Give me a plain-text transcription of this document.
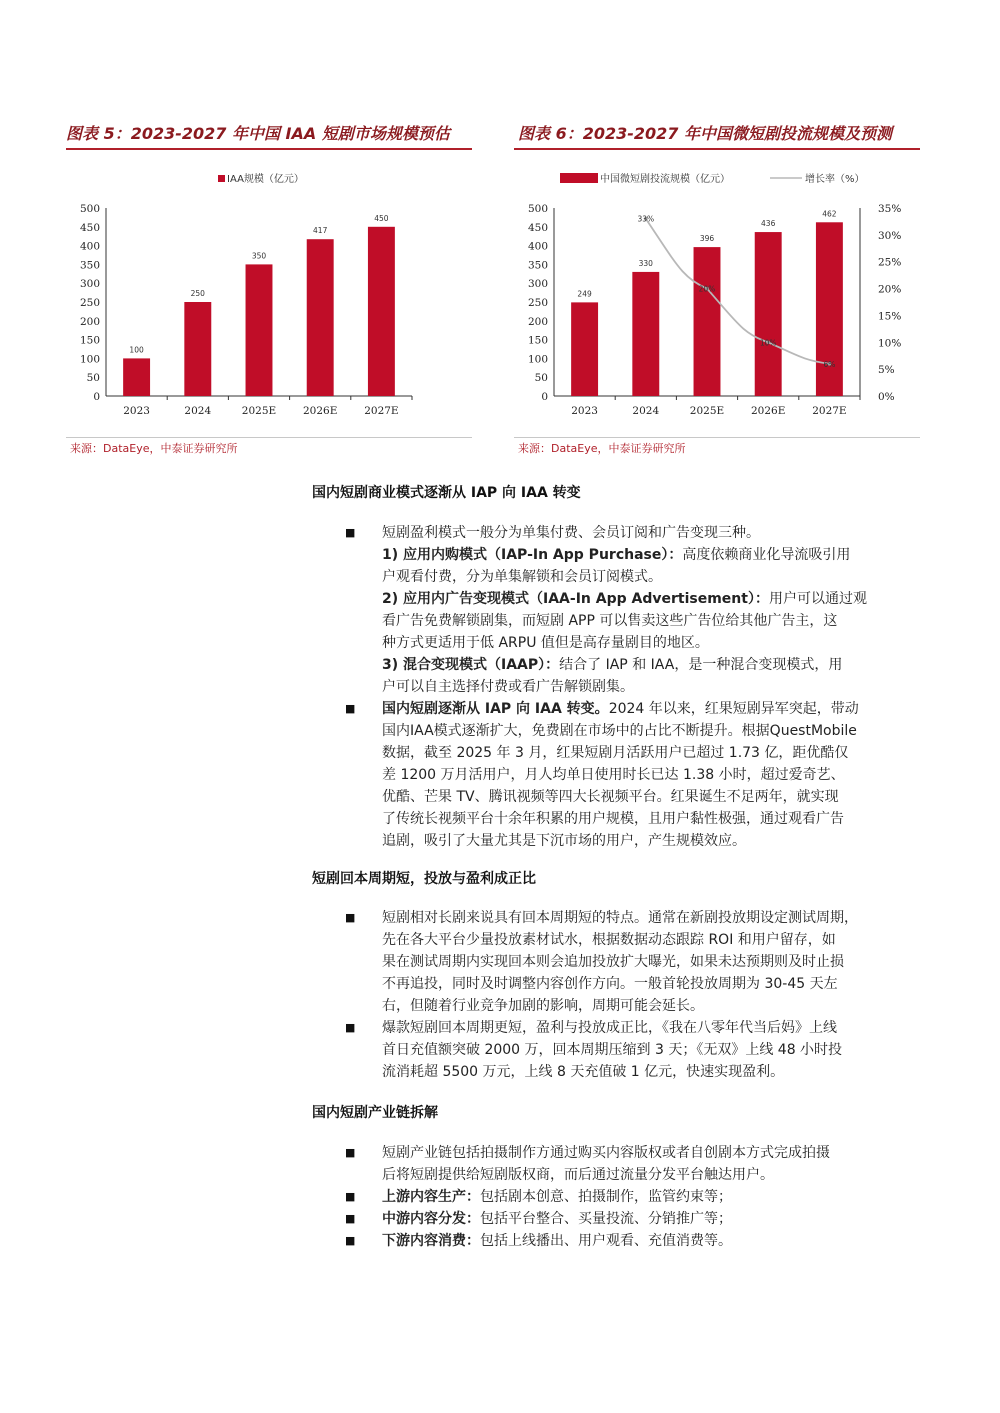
图表 5：2023-2027 年中国 IAA 短剧市场规模预估	图表 6：2023-2027 年中国微短剧投流规模及预测
IAA规模（亿元）
0
50
100
150
200
250
300
350
400
450
500
100
250
350
417
450
2023	2024	2025E	2026E	2027E
来源：DataEye，中泰证券研究所
中国微短剧投流规模（亿元）	增长率（%）
0
50
100
150
200
250
300
350
400
450
500
0%
5%
10%
15%
20%
25%
30%
35%
249
330
396
436
462
33%
20%
10%
6%
2023	2024	2025E	2026E	2027E
来源：DataEye，中泰证券研究所
国内短剧商业模式逐渐从 IAP 向 IAA 转变
■ 短剧盈利模式一般分为单集付费、会员订阅和广告变现三种。
1) 应用内购模式（IAP-In App Purchase）：高度依赖商业化导流吸引用
户观看付费，分为单集解锁和会员订阅模式。
2) 应用内广告变现模式（IAA-In App Advertisement）：用户可以通过观
看广告免费解锁剧集，而短剧 APP 可以售卖这些广告位给其他广告主，这
种方式更适用于低 ARPU 值但是高存量剧目的地区。
3) 混合变现模式（IAAP）：结合了 IAP 和 IAA，是一种混合变现模式，用
户可以自主选择付费或看广告解锁剧集。
■ 国内短剧逐渐从 IAP 向 IAA 转变。2024 年以来，红果短剧异军突起，带动
国内IAA模式逐渐扩大，免费剧在市场中的占比不断提升。根据QuestMobile
数据，截至 2025 年 3 月，红果短剧月活跃用户已超过 1.73 亿，距优酷仅
差 1200 万月活用户，月人均单日使用时长已达 1.38 小时，超过爱奇艺、
优酷、芒果 TV、腾讯视频等四大长视频平台。红果诞生不足两年，就实现
了传统长视频平台十余年积累的用户规模，且用户黏性极强，通过观看广告
追剧，吸引了大量尤其是下沉市场的用户，产生规模效应。
短剧回本周期短，投放与盈利成正比
■ 短剧相对长剧来说具有回本周期短的特点。通常在新剧投放期设定测试周期，
先在各大平台少量投放素材试水，根据数据动态跟踪 ROI 和用户留存，如
果在测试周期内实现回本则会追加投放扩大曝光，如果未达预期则及时止损
不再追投，同时及时调整内容创作方向。一般首轮投放周期为 30-45 天左
右，但随着行业竞争加剧的影响，周期可能会延长。
■ 爆款短剧回本周期更短，盈利与投放成正比，《我在八零年代当后妈》上线
首日充值额突破 2000 万，回本周期压缩到 3 天；《无双》上线 48 小时投
流消耗超 5500 万元，上线 8 天充值破 1 亿元，快速实现盈利。
国内短剧产业链拆解
■ 短剧产业链包括拍摄制作方通过购买内容版权或者自创剧本方式完成拍摄
后将短剧提供给短剧版权商，而后通过流量分发平台触达用户。
■ 上游内容生产：包括剧本创意、拍摄制作，监管约束等；
■ 中游内容分发：包括平台整合、买量投流、分销推广等；
■ 下游内容消费：包括上线播出、用户观看、充值消费等。
